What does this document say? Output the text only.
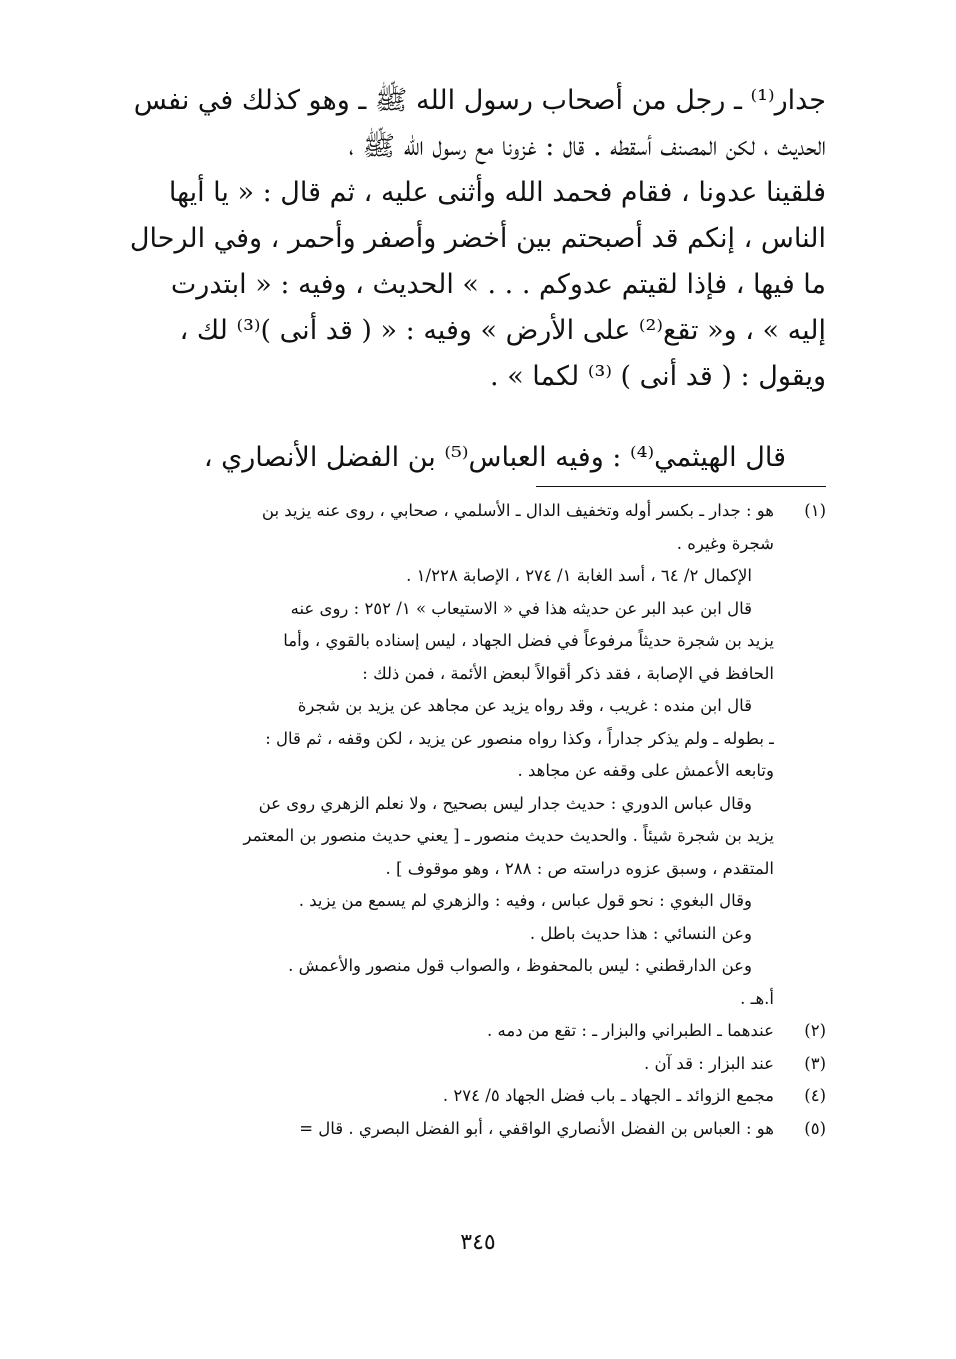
جدار⁽¹⁾ ـ رجل من أصحاب رسول الله ﷺ ـ وهو كذلك في نفس
الحديث ، لكن المصنف أسقطه . قال : غزونا مع رسول الله ﷺ ،
فلقينا عدونا ، فقام فحمد الله وأثنى عليه ، ثم قال : « يا أيها
الناس ، إنكم قد أصبحتم بين أخضر وأصفر وأحمر ، وفي الرحال
ما فيها ، فإذا لقيتم عدوكم . . . » الحديث ، وفيه : « ابتدرت
إليه » ، و« تقع⁽²⁾ على الأرض » وفيه : « ( قد أنى )⁽³⁾ لك ،
ويقول : ( قد أنى ) ⁽³⁾ لكما » .
قال الهيثمي⁽⁴⁾ : وفيه العباس⁽⁵⁾ بن الفضل الأنصاري ،
(١)
هو : جدار ـ بكسر أوله وتخفيف الدال ـ الأسلمي ، صحابي ، روى عنه يزيد بن
شجرة وغيره .
الإكمال ٢/ ٦٤ ، أسد الغابة ١/ ٢٧٤ ، الإصابة ١/٢٢٨ .
قال ابن عبد البر عن حديثه هذا في « الاستيعاب » ١/ ٢٥٢ : روى عنه
يزيد بن شجرة حديثاً مرفوعاً في فضل الجهاد ، ليس إسناده بالقوي ، وأما
الحافظ في الإصابة ، فقد ذكر أقوالاً لبعض الأئمة ، فمن ذلك :
قال ابن منده : غريب ، وقد رواه يزيد عن مجاهد عن يزيد بن شجرة
ـ بطوله ـ ولم يذكر جداراً ، وكذا رواه منصور عن يزيد ، لكن وقفه ، ثم قال :
وتابعه الأعمش على وقفه عن مجاهد .
وقال عباس الدوري : حديث جدار ليس بصحيح ، ولا نعلم الزهري روى عن
يزيد بن شجرة شيئاً . والحديث حديث منصور ـ [ يعني حديث منصور بن المعتمر
المتقدم ، وسبق عزوه دراسته ص : ٢٨٨ ، وهو موقوف ] .
وقال البغوي : نحو قول عباس ، وفيه : والزهري لم يسمع من يزيد .
وعن النسائي : هذا حديث باطل .
وعن الدارقطني : ليس بالمحفوظ ، والصواب قول منصور والأعمش .
أ.هـ .
(٢)
عندهما ـ الطبراني والبزار ـ : تقع من دمه .
(٣)
عند البزار : قد آن .
(٤)
مجمع الزوائد ـ الجهاد ـ باب فضل الجهاد ٥/ ٢٧٤ .
(٥)
هو : العباس بن الفضل الأنصاري الواقفي ، أبو الفضل البصري . قال =
٣٤٥
